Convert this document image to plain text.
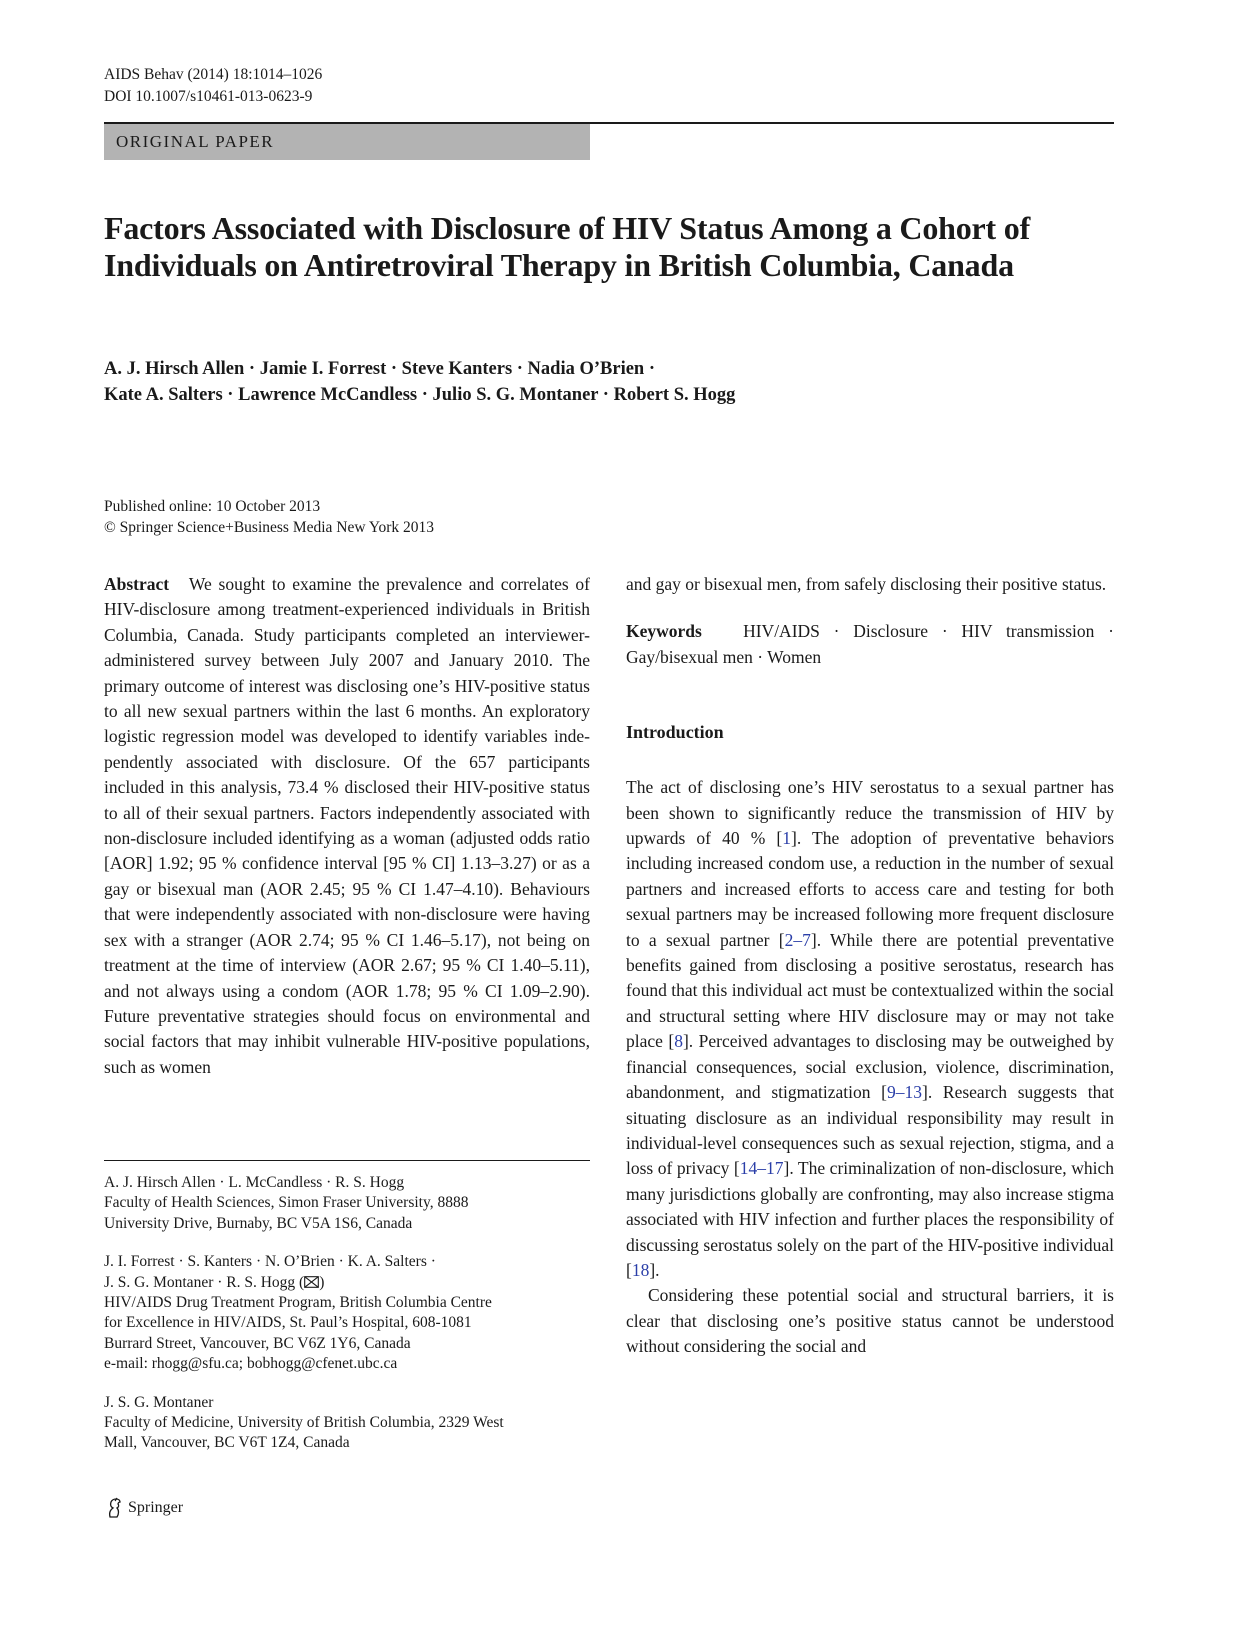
AIDS Behav (2014) 18:1014–1026
DOI 10.1007/s10461-013-0623-9
ORIGINAL PAPER
Factors Associated with Disclosure of HIV Status Among a Cohort of Individuals on Antiretroviral Therapy in British Columbia, Canada
A. J. Hirsch Allen · Jamie I. Forrest · Steve Kanters · Nadia O’Brien ·
Kate A. Salters · Lawrence McCandless · Julio S. G. Montaner · Robert S. Hogg
Published online: 10 October 2013
© Springer Science+Business Media New York 2013

Abstract We sought to examine the prevalence and correlates of HIV-disclosure among treatment-experienced individuals in British Columbia, Canada. Study participants completed an interviewer-administered survey between July 2007 and January 2010. The primary outcome of interest was disclosing one’s HIV-positive status to all new sexual partners within the last 6 months. An exploratory logistic regression model was developed to identify variables independently associated with disclosure. Of the 657 participants included in this analysis, 73.4 % disclosed their HIV-positive status to all of their sexual partners. Factors independently associated with non-disclosure included identifying as a woman (adjusted odds ratio [AOR] 1.92; 95 % confidence interval [95 % CI] 1.13–3.27) or as a gay or bisexual man (AOR 2.45; 95 % CI 1.47–4.10). Behaviours that were independently associated with non-disclosure were having sex with a stranger (AOR 2.74; 95 % CI 1.46–5.17), not being on treatment at the time of interview (AOR 2.67; 95 % CI 1.40–5.11), and not always using a condom (AOR 1.78; 95 % CI 1.09–2.90). Future preventative strategies should focus on environmental and social factors that may inhibit vulnerable HIV-positive populations, such as women

and gay or bisexual men, from safely disclosing their positive status.

Keywords HIV/AIDS · Disclosure · HIV transmission · Gay/bisexual men · Women

Introduction

The act of disclosing one’s HIV serostatus to a sexual partner has been shown to significantly reduce the transmission of HIV by upwards of 40 % [1]. The adoption of preventative behaviors including increased condom use, a reduction in the number of sexual partners and increased efforts to access care and testing for both sexual partners may be increased following more frequent disclosure to a sexual partner [2–7]. While there are potential preventative benefits gained from disclosing a positive serostatus, research has found that this individual act must be contextualized within the social and structural setting where HIV disclosure may or may not take place [8]. Perceived advantages to disclosing may be outweighed by financial consequences, social exclusion, violence, discrimination, abandonment, and stigmatization [9–13]. Research suggests that situating disclosure as an individual responsibility may result in individual-level consequences such as sexual rejection, stigma, and a loss of privacy [14–17]. The criminalization of non-disclosure, which many jurisdictions globally are confronting, may also increase stigma associated with HIV infection and further places the responsibility of discussing serostatus solely on the part of the HIV-positive individual [18].

Considering these potential social and structural barriers, it is clear that disclosing one’s positive status cannot be understood without considering the social and

A. J. Hirsch Allen · L. McCandless · R. S. Hogg
Faculty of Health Sciences, Simon Fraser University, 8888
University Drive, Burnaby, BC V5A 1S6, Canada
J. I. Forrest · S. Kanters · N. O’Brien · K. A. Salters ·
J. S. G. Montaner · R. S. Hogg ( )
HIV/AIDS Drug Treatment Program, British Columbia Centre
for Excellence in HIV/AIDS, St. Paul’s Hospital, 608-1081
Burrard Street, Vancouver, BC V6Z 1Y6, Canada
e-mail: rhogg@sfu.ca; bobhogg@cfenet.ubc.ca
J. S. G. Montaner
Faculty of Medicine, University of British Columbia, 2329 West
Mall, Vancouver, BC V6T 1Z4, Canada
Springer
